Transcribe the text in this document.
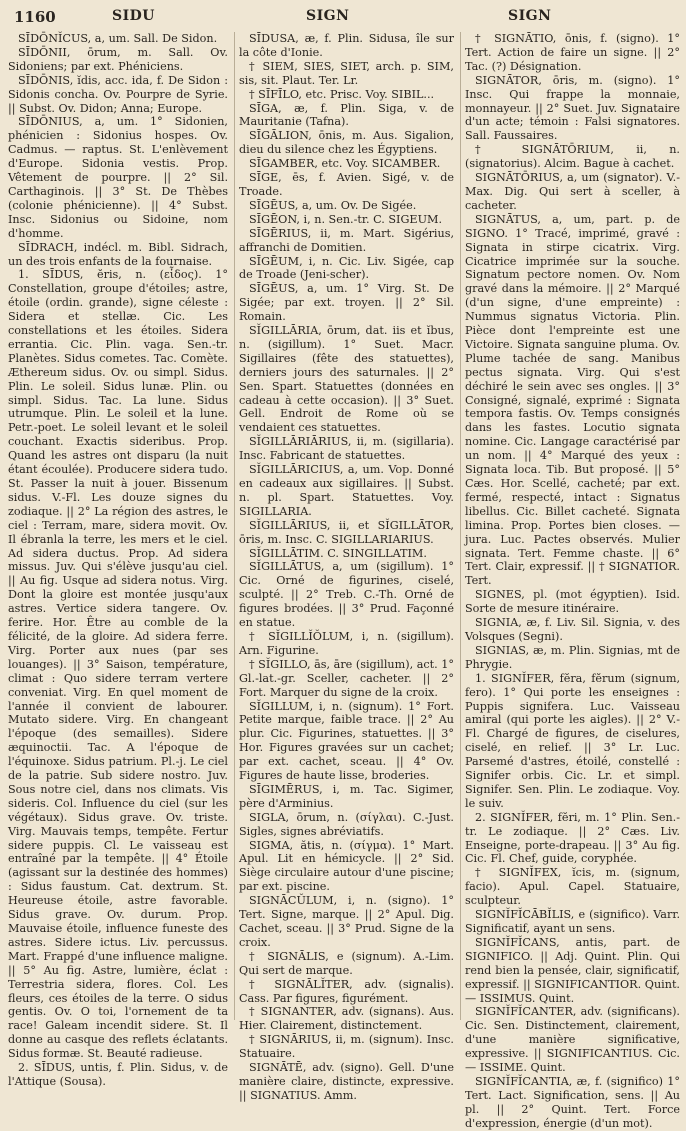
1160	SIDU	SIGN	SIGN

SĪDŌNĬCUS, a, um. Sall. De Sidon.

SĪDŌNII, ōrum, m. Sall. Ov. Sidoniens; par ext. Phéniciens.

SĪDŌNIS, ĭdis, acc. ida, f. De Sidon : Sidonis concha. Ov. Pourpre de Syrie. || Subst. Ov. Didon; Anna; Europe.

SĪDŌNIUS, a, um. 1° Sidonien, phénicien : Sidonius hospes. Ov. Cadmus. — raptus. St. L'enlèvement d'Europe. Sidonia vestis. Prop. Vêtement de pourpre. || 2° Sil. Carthaginois. || 3° St. De Thèbes (colonie phénicienne). || 4° Subst. Insc. Sidonius ou Sidoine, nom d'homme.

SĪDRACH, indécl. m. Bibl. Sidrach, un des trois enfants de la fournaise.

1. SĪDUS, ĕris, n. (εἶδος). 1° Constellation, groupe d'étoiles; astre, étoile (ordin. grande), signe céleste : Sidera et stellæ. Cic. Les constellations et les étoiles. Sidera errantia. Cic. Plin. vaga. Sen.-tr. Planètes. Sidus cometes. Tac. Comète. Æthereum sidus. Ov. ou simpl. Sidus. Plin. Le soleil. Sidus lunæ. Plin. ou simpl. Sidus. Tac. La lune. Sidus utrumque. Plin. Le soleil et la lune. Petr.-poet. Le soleil levant et le soleil couchant. Exactis sideribus. Prop. Quand les astres ont disparu (la nuit étant écoulée). Producere sidera tudo. St. Passer la nuit à jouer. Bissenum sidus. V.-Fl. Les douze signes du zodiaque. || 2° La région des astres, le ciel : Terram, mare, sidera movit. Ov. Il ébranla la terre, les mers et le ciel. Ad sidera ductus. Prop. Ad sidera missus. Juv. Qui s'élève jusqu'au ciel. || Au fig. Usque ad sidera notus. Virg. Dont la gloire est montée jusqu'aux astres. Vertice sidera tangere. Ov. ferire. Hor. Être au comble de la félicité, de la gloire. Ad sidera ferre. Virg. Porter aux nues (par ses louanges). || 3° Saison, température, climat : Quo sidere terram vertere conveniat. Virg. En quel moment de l'année il convient de labourer. Mutato sidere. Virg. En changeant l'époque (des semailles). Sidere æquinoctii. Tac. A l'époque de l'équinoxe. Sidus patrium. Pl.-j. Le ciel de la patrie. Sub sidere nostro. Juv. Sous notre ciel, dans nos climats. Vis sideris. Col. Influence du ciel (sur les végétaux). Sidus grave. Ov. triste. Virg. Mauvais temps, tempête. Fertur sidere puppis. Cl. Le vaisseau est entraîné par la tempête. || 4° Étoile (agissant sur la destinée des hommes) : Sidus faustum. Cat. dextrum. St. Heureuse étoile, astre favorable. Sidus grave. Ov. durum. Prop. Mauvaise étoile, influence funeste des astres. Sidere ictus. Liv. percussus. Mart. Frappé d'une influence maligne. || 5° Au fig. Astre, lumière, éclat : Terrestria sidera, flores. Col. Les fleurs, ces étoiles de la terre. O sidus gentis. Ov. O toi, l'ornement de ta race! Galeam incendit sidere. St. Il donne au casque des reflets éclatants. Sidus formæ. St. Beauté radieuse.

2. SĪDUS, untis, f. Plin. Sidus, v. de l'Attique (Sousa).

SĪDUSA, æ, f. Plin. Sidusa, île sur la côte d'Ionie.

† SIEM, SIES, SIET, arch. p. SIM, sis, sit. Plaut. Ter. Lr.

† SĪFĪLO, etc. Prisc. Voy. SIBIL...

SĪGA, æ, f. Plin. Siga, v. de Mauritanie (Tafna).

SĪGĀLION, ōnis, m. Aus. Sigalion, dieu du silence chez les Égyptiens.

SĪGAMBER, etc. Voy. SICAMBER.

SĪGE, ēs, f. Avien. Sigé, v. de Troade.

SĪGĒUS, a, um. Ov. De Sigée.

SĪGĒON, i, n. Sen.-tr. C. SIGEUM.

SĪGĒRIUS, ii, m. Mart. Sigérius, affranchi de Domitien.

SĪGĒUM, i, n. Cic. Liv. Sigée, cap de Troade (Jeni-scher).

SĪGĒUS, a, um. 1° Virg. St. De Sigée; par ext. troyen. || 2° Sil. Romain.

SĬGILLĀRIA, ōrum, dat. iis et ĭbus, n. (sigillum). 1° Suet. Macr. Sigillaires (fête des statuettes), derniers jours des saturnales. || 2° Sen. Spart. Statuettes (données en cadeau à cette occasion). || 3° Suet. Gell. Endroit de Rome où se vendaient ces statuettes.

SĬGILLĀRIĀRIUS, ii, m. (sigillaria). Insc. Fabricant de statuettes.

SĬGILLĀRICIUS, a, um. Vop. Donné en cadeaux aux sigillaires. || Subst. n. pl. Spart. Statuettes. Voy. SIGILLARIA.

SĬGILLĀRIUS, ii, et SĬGILLĀTOR, ōris, m. Insc. C. SIGILLARIARIUS.

SĬGILLĀTIM. C. SINGILLATIM.

SĬGILLĀTUS, a, um (sigillum). 1° Cic. Orné de figurines, ciselé, sculpté. || 2° Treb. C.-Th. Orné de figures brodées. || 3° Prud. Façonné en statue.

† SĬGILLĬŎLUM, i, n. (sigillum). Arn. Figurine.

† SĬGILLO, ās, āre (sigillum), act. 1° Gl.-lat.-gr. Sceller, cacheter. || 2° Fort. Marquer du signe de la croix.

SĬGILLUM, i, n. (signum). 1° Fort. Petite marque, faible trace. || 2° Au plur. Cic. Figurines, statuettes. || 3° Hor. Figures gravées sur un cachet; par ext. cachet, sceau. || 4° Ov. Figures de haute lisse, broderies.

SĪGIMĒRUS, i, m. Tac. Sigimer, père d'Arminius.

SIGLA, ōrum, n. (σίγλαι). C.-Just. Sigles, signes abréviatifs.

SIGMA, ătis, n. (σίγμα). 1° Mart. Apul. Lit en hémicycle. || 2° Sid. Siège circulaire autour d'une piscine; par ext. piscine.

SIGNĀCŬLUM, i, n. (signo). 1° Tert. Signe, marque. || 2° Apul. Dig. Cachet, sceau. || 3° Prud. Signe de la croix.

† SIGNĀLIS, e (signum). A.-Lim. Qui sert de marque.

† SIGNĀLĬTER, adv. (signalis). Cass. Par figures, figurément.

† SIGNANTER, adv. (signans). Aus. Hier. Clairement, distinctement.

† SIGNĀRIUS, ii, m. (signum). Insc. Statuaire.

SIGNĀTĒ, adv. (signo). Gell. D'une manière claire, distincte, expressive. || SIGNATIUS. Amm.

† SIGNĀTIO, ōnis, f. (signo). 1° Tert. Action de faire un signe. || 2° Tac. (?) Désignation.

SIGNĀTOR, ōris, m. (signo). 1° Insc. Qui frappe la monnaie, monnayeur. || 2° Suet. Juv. Signataire d'un acte; témoin : Falsi signatores. Sall. Faussaires.

† SIGNĀTŌRIUM, ii, n. (signatorius). Alcim. Bague à cachet.

SIGNĀTŌRIUS, a, um (signator). V.-Max. Dig. Qui sert à sceller, à cacheter.

SIGNĀTUS, a, um, part. p. de SIGNO. 1° Tracé, imprimé, gravé : Signata in stirpe cicatrix. Virg. Cicatrice imprimée sur la souche. Signatum pectore nomen. Ov. Nom gravé dans la mémoire. || 2° Marqué (d'un signe, d'une empreinte) : Nummus signatus Victoria. Plin. Pièce dont l'empreinte est une Victoire. Signata sanguine pluma. Ov. Plume tachée de sang. Manibus pectus signata. Virg. Qui s'est déchiré le sein avec ses ongles. || 3° Consigné, signalé, exprimé : Signata tempora fastis. Ov. Temps consignés dans les fastes. Locutio signata nomine. Cic. Langage caractérisé par un nom. || 4° Marqué des yeux : Signata loca. Tib. But proposé. || 5° Cæs. Hor. Scellé, cacheté; par ext. fermé, respecté, intact : Signatus libellus. Cic. Billet cacheté. Signata limina. Prop. Portes bien closes. — jura. Luc. Pactes observés. Mulier signata. Tert. Femme chaste. || 6° Tert. Clair, expressif. || † SIGNATIOR. Tert.

SIGNES, pl. (mot égyptien). Isid. Sorte de mesure itinéraire.

SIGNIA, æ, f. Liv. Sil. Signia, v. des Volsques (Segni).

SIGNIAS, æ, m. Plin. Signias, mt de Phrygie.

1. SIGNĬFER, fĕra, fĕrum (signum, fero). 1° Qui porte les enseignes : Puppis signifera. Luc. Vaisseau amiral (qui porte les aigles). || 2° V.-Fl. Chargé de figures, de ciselures, ciselé, en relief. || 3° Lr. Luc. Parsemé d'astres, étoilé, constellé : Signifer orbis. Cic. Lr. et simpl. Signifer. Sen. Plin. Le zodiaque. Voy. le suiv.

2. SIGNĬFER, fĕri, m. 1° Plin. Sen.-tr. Le zodiaque. || 2° Cæs. Liv. Enseigne, porte-drapeau. || 3° Au fig. Cic. Fl. Chef, guide, coryphée.

† SIGNĬFEX, ĭcis, m. (signum, facio). Apul. Capel. Statuaire, sculpteur.

SIGNĬFĬCĀBĬLIS, e (significo). Varr. Significatif, ayant un sens.

SIGNĬFĬCANS, antis, part. de SIGNIFICO. || Adj. Quint. Plin. Qui rend bien la pensée, clair, significatif, expressif. || SIGNIFICANTIOR. Quint. — ISSIMUS. Quint.

SIGNĬFĬCANTER, adv. (significans). Cic. Sen. Distinctement, clairement, d'une manière significative, expressive. || SIGNIFICANTIUS. Cic. — ISSIME. Quint.

SIGNĬFĬCANTIA, æ, f. (significo) 1° Tert. Lact. Signification, sens. || Au pl. || 2° Quint. Tert. Force d'expression, énergie (d'un mot).
